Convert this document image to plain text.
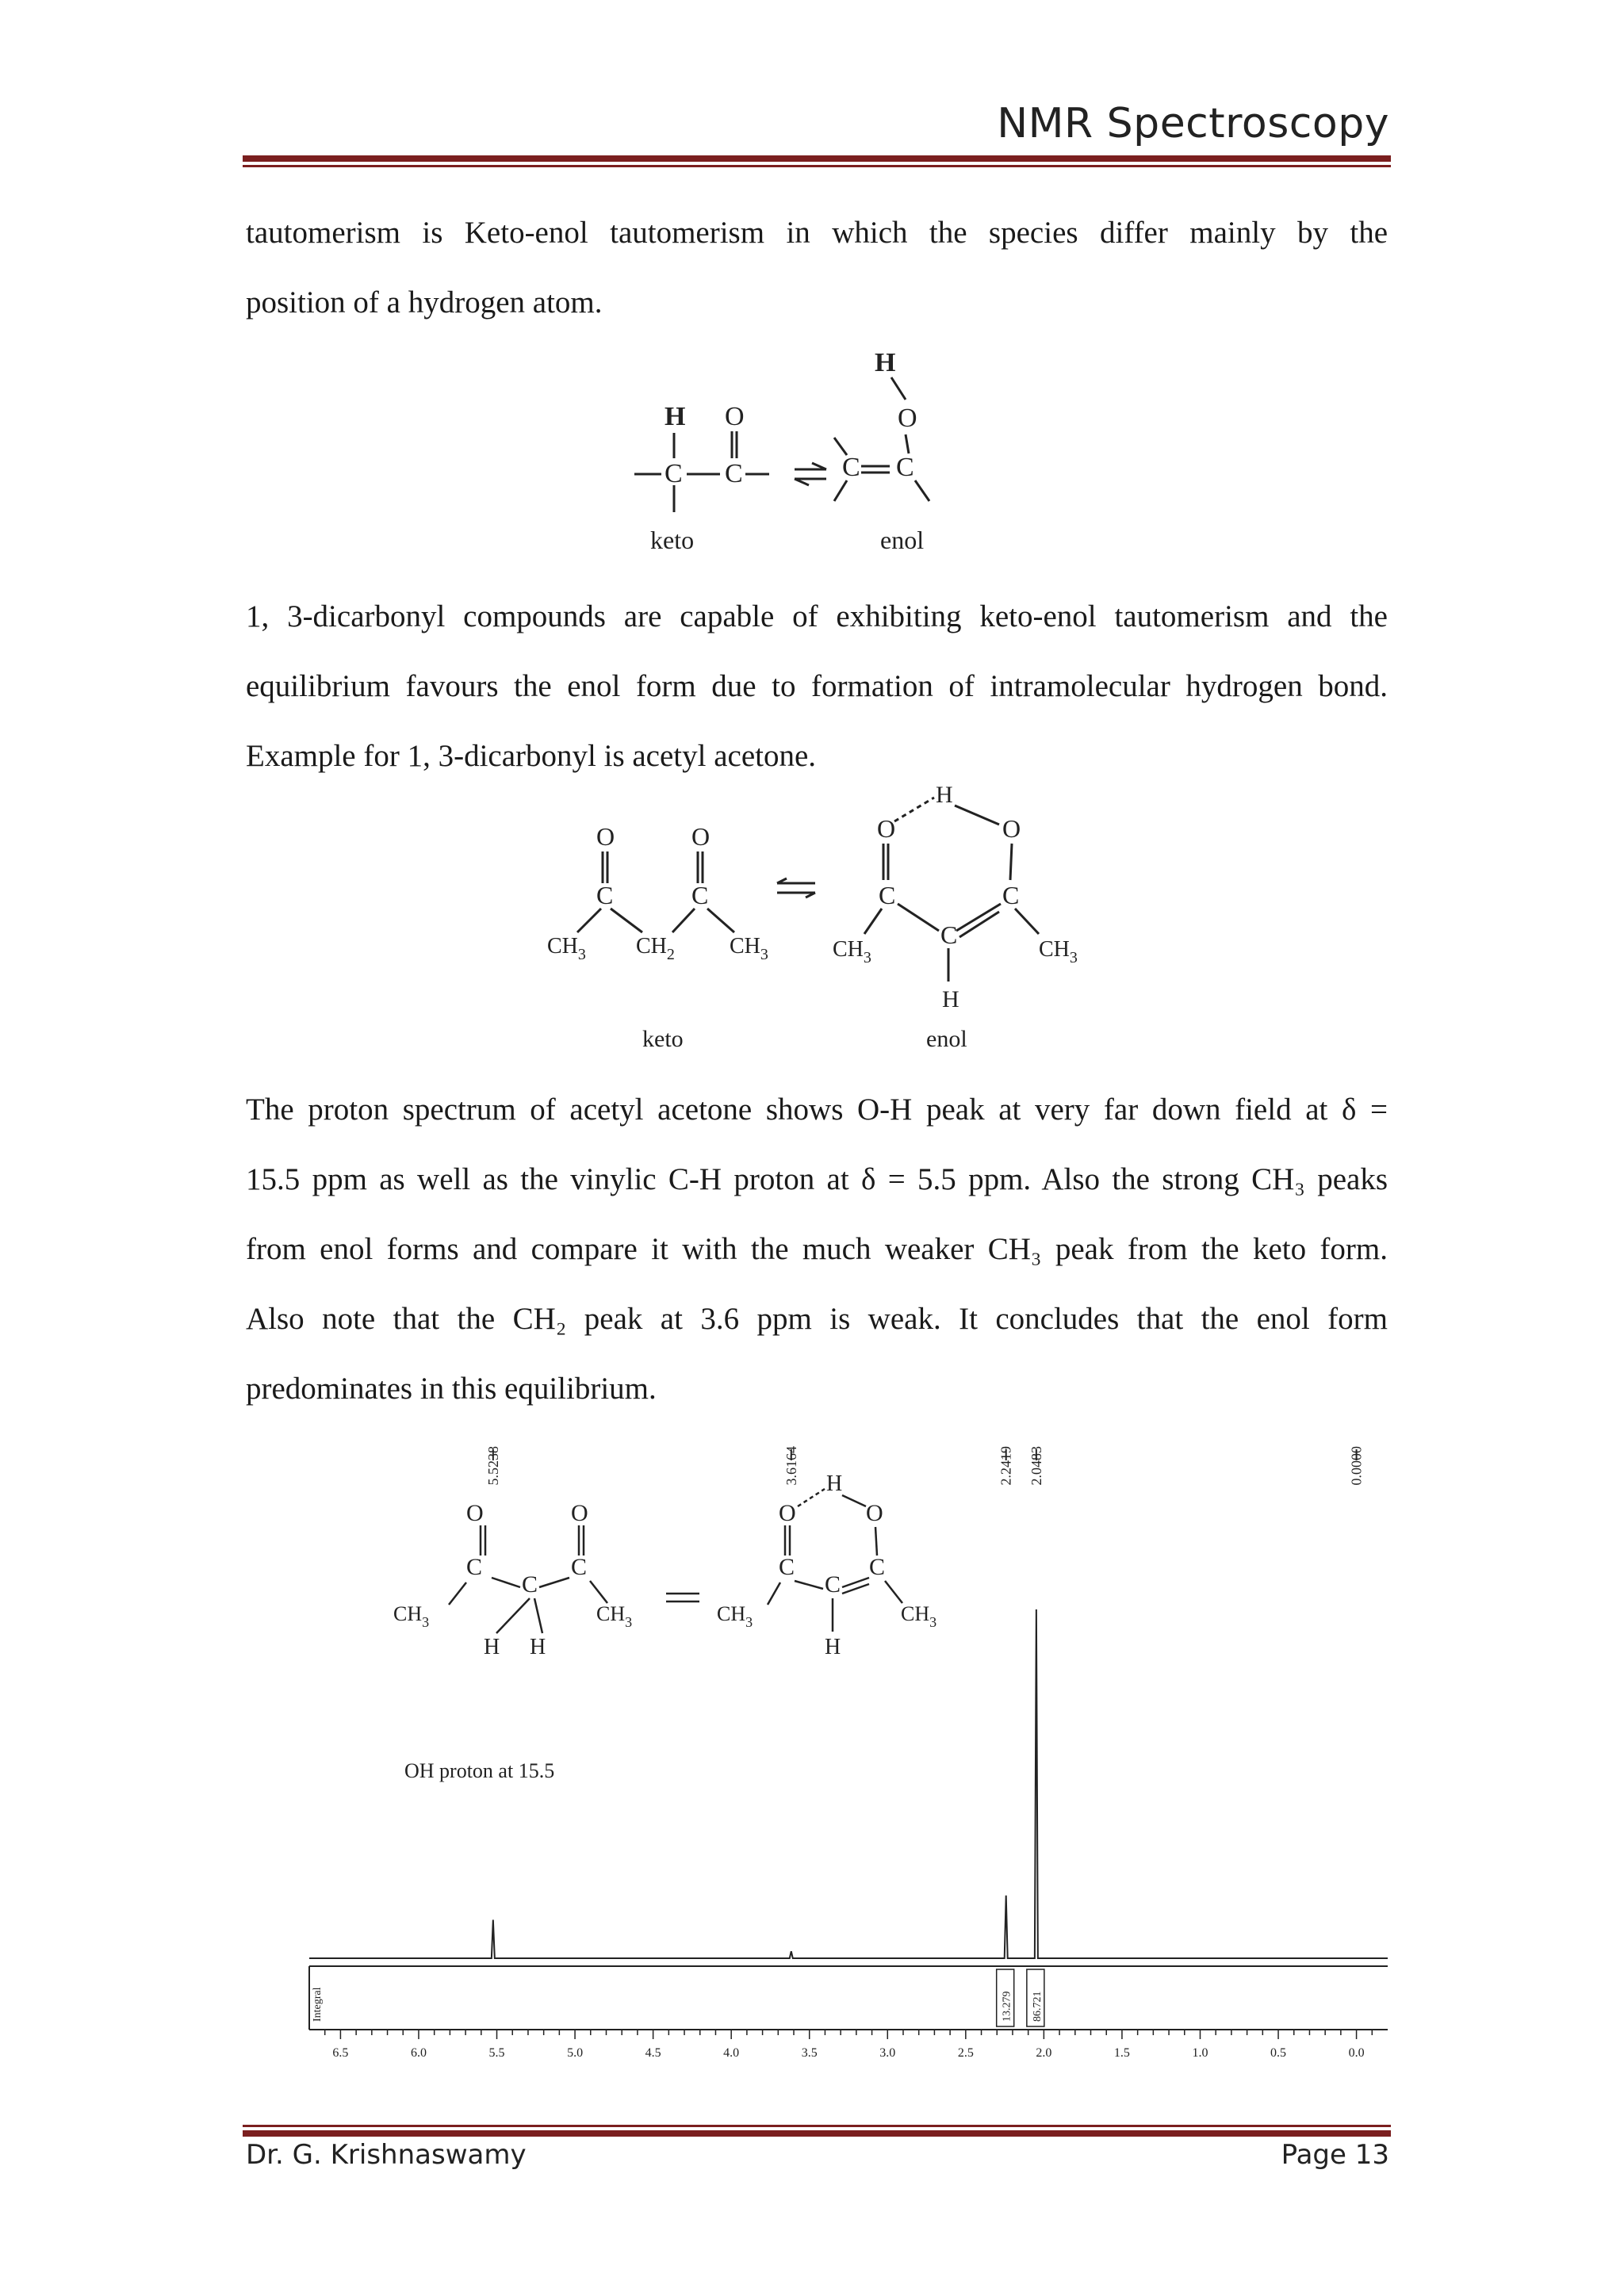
NMR Spectroscopy
tautomerism is Keto-enol tautomerism in which the species differ mainly by the
position of a hydrogen atom.
H O
C C
keto
H
O
C C
enol
1, 3-dicarbonyl compounds are capable of exhibiting keto-enol tautomerism and the
equilibrium favours the enol form due to formation of intramolecular hydrogen bond.
Example for 1, 3-dicarbonyl is acetyl acetone.
O	O
C	C
$CH_3$ $CH_2$ $CH_3$
keto
H
O	O
C	C
C
H
$CH_3$	$CH_3$
enol
The proton spectrum of acetyl acetone shows O-H peak at very far down field at δ =
15.5 ppm as well as the vinylic C-H proton at δ = 5.5 ppm. Also the strong CH₃ peaks
from enol forms and compare it with the much weaker CH₃ peak from the keto form.
Also note that the CH₂ peak at 3.6 ppm is weak. It concludes that the enol form
predominates in this equilibrium.
$CH_3$
C
O
C
H H
C
O
$CH_3$	$CH_3$
C
O
H
O
C
C
H
$CH_3$
OH proton at 15.5
5.5238	3.6164	2.2419 2.0483	0.0000
Integral	13.279 86.721
6.5	6.0	5.5	5.0	4.5	4.0	3.5	3.0	2.5	2.0	1.5	1.0	0.5	0.0
Dr. G. Krishnaswamy	Page 13
